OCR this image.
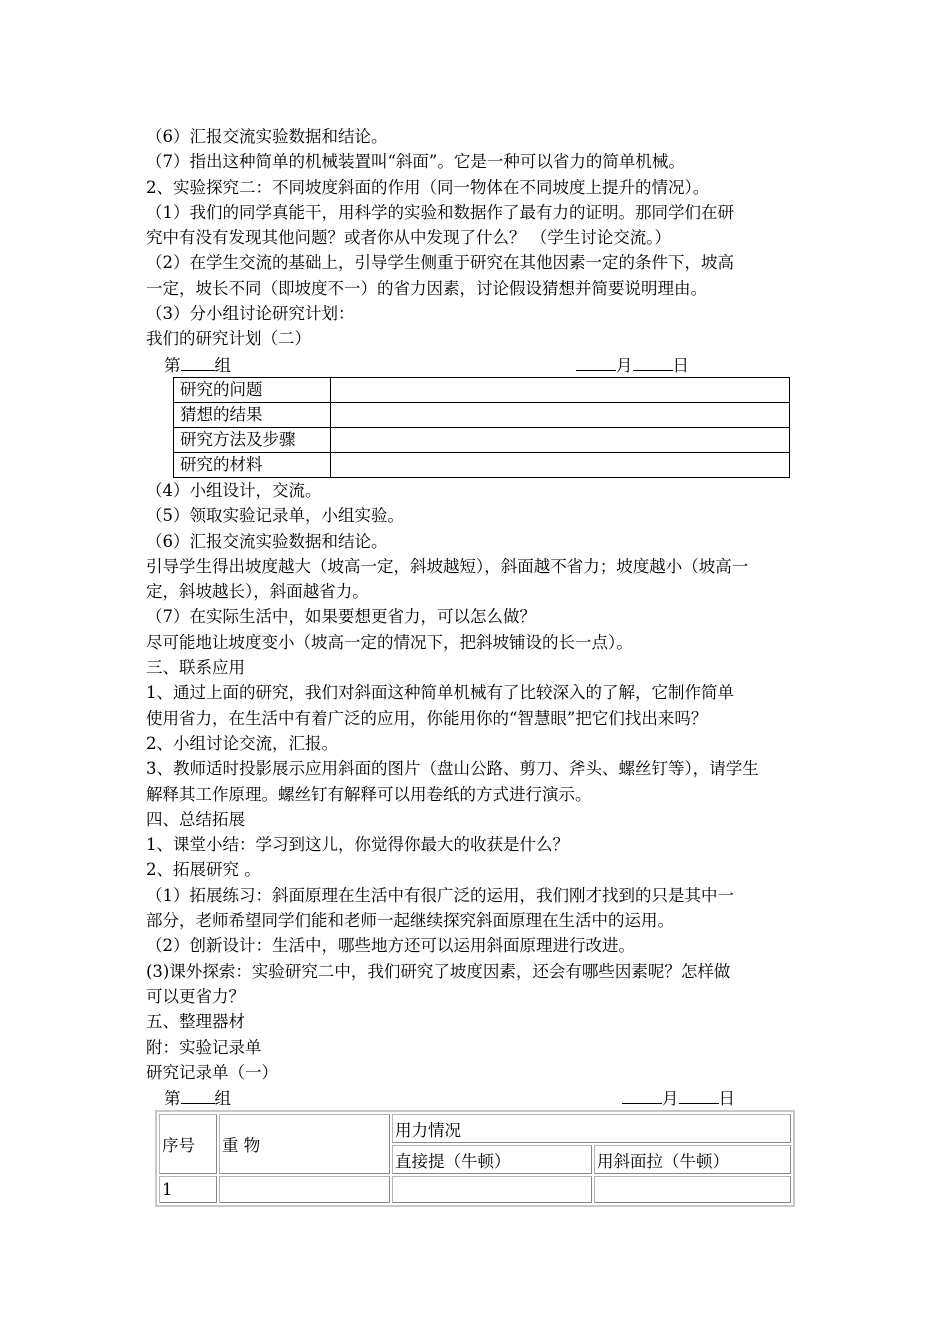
（6）汇报交流实验数据和结论。
（7）指出这种简单的机械装置叫“斜面”。它是一种可以省力的简单机械。
2、实验探究二：不同坡度斜面的作用（同一物体在不同坡度上提升的情况）。
（1）我们的同学真能干，用科学的实验和数据作了最有力的证明。那同学们在研
究中有没有发现其他问题？或者你从中发现了什么？ （学生讨论交流。）
（2）在学生交流的基础上，引导学生侧重于研究在其他因素一定的条件下，坡高
一定，坡长不同（即坡度不一）的省力因素，讨论假设猜想并简要说明理由。
（3）分小组讨论研究计划：
我们的研究计划（二）
第 组	月 日
研究的问题	
猜想的结果	
研究方法及步骤	
研究的材料	
（4）小组设计，交流。
（5）领取实验记录单，小组实验。
（6）汇报交流实验数据和结论。
引导学生得出坡度越大（坡高一定，斜坡越短），斜面越不省力；坡度越小（坡高一
定，斜坡越长），斜面越省力。
（7）在实际生活中，如果要想更省力，可以怎么做？
尽可能地让坡度变小（坡高一定的情况下，把斜坡铺设的长一点）。
三、联系应用
1、通过上面的研究，我们对斜面这种简单机械有了比较深入的了解，它制作简单
使用省力，在生活中有着广泛的应用，你能用你的“智慧眼”把它们找出来吗？
2、小组讨论交流，汇报。
3、教师适时投影展示应用斜面的图片（盘山公路、剪刀、斧头、螺丝钉等），请学生
解释其工作原理。螺丝钉有解释可以用卷纸的方式进行演示。
四、总结拓展
1、课堂小结：学习到这儿，你觉得你最大的收获是什么？
2、拓展研究 。
（1）拓展练习：斜面原理在生活中有很广泛的运用，我们刚才找到的只是其中一
部分，老师希望同学们能和老师一起继续探究斜面原理在生活中的运用。
（2）创新设计：生活中，哪些地方还可以运用斜面原理进行改进。
(3)课外探索：实验研究二中，我们研究了坡度因素，还会有哪些因素呢？怎样做
可以更省力？
五、整理器材
附：实验记录单
研究记录单（一）
第 组	月 日
序号	重 物	用力情况	
		直接提（牛顿）	用斜面拉（牛顿）
1			
